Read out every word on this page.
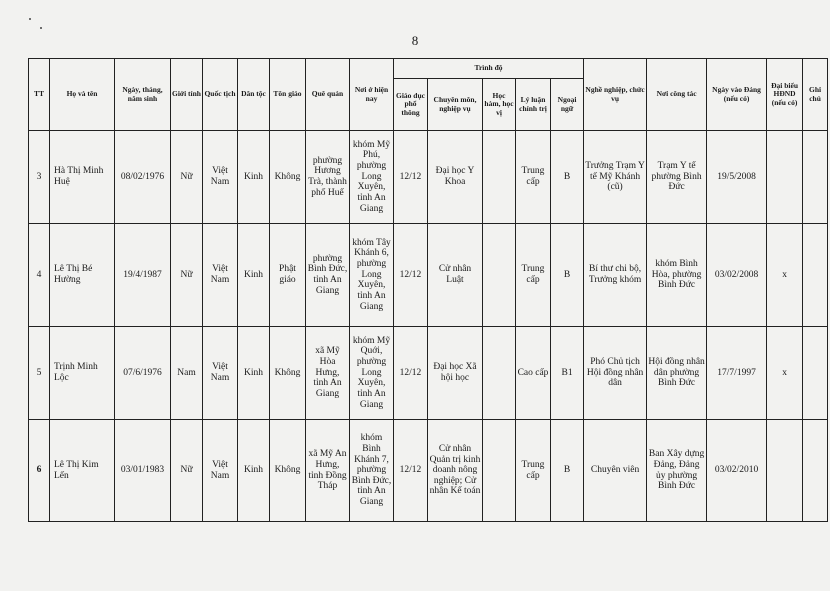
8
TT	Họ và tên	Ngày, tháng, năm sinh	Giới tính	Quốc tịch	Dân tộc	Tôn giáo	Quê quán	Nơi ở hiện nay	Trình độ					Nghề nghiệp, chức vụ	Nơi công tác	Ngày vào Đảng (nếu có)	Đại biểu HĐND (nếu có)	Ghi chú
									Giáo dục phổ thông	Chuyên môn, nghiệp vụ	Học hàm, học vị	Lý luận chính trị	Ngoại ngữ					
3	Hà Thị Minh Huệ	08/02/1976	Nữ	Việt Nam	Kinh	Không	phường Hương Trà, thành phố Huế	khóm Mỹ Phú, phường Long Xuyên, tỉnh An Giang	12/12	Đại học Y Khoa		Trung cấp	B	Trưởng Trạm Y tế Mỹ Khánh (cũ)	Trạm Y tế phường Bình Đức	19/5/2008		
4	Lê Thị Bé Hường	19/4/1987	Nữ	Việt Nam	Kinh	Phật giáo	phường Bình Đức, tỉnh An Giang	khóm Tây Khánh 6, phường Long Xuyên, tỉnh An Giang	12/12	Cử nhân Luật		Trung cấp	B	Bí thư chi bộ, Trưởng khóm	khóm Bình Hòa, phường Bình Đức	03/02/2008	x	
5	Trịnh Minh Lộc	07/6/1976	Nam	Việt Nam	Kinh	Không	xã Mỹ Hòa Hưng, tỉnh An Giang	khóm Mỹ Quới, phường Long Xuyên, tỉnh An Giang	12/12	Đại học Xã hội học		Cao cấp	B1	Phó Chủ tịch Hội đồng nhân dân	Hội đồng nhân dân phường Bình Đức	17/7/1997	x	
6	Lê Thị Kim Lến	03/01/1983	Nữ	Việt Nam	Kinh	Không	xã Mỹ An Hưng, tỉnh Đồng Tháp	khóm Bình Khánh 7, phường Bình Đức, tỉnh An Giang	12/12	Cử nhân Quản trị kinh doanh nông nghiệp; Cử nhân Kế toán		Trung cấp	B	Chuyên viên	Ban Xây dựng Đảng, Đảng ủy phường Bình Đức	03/02/2010		
